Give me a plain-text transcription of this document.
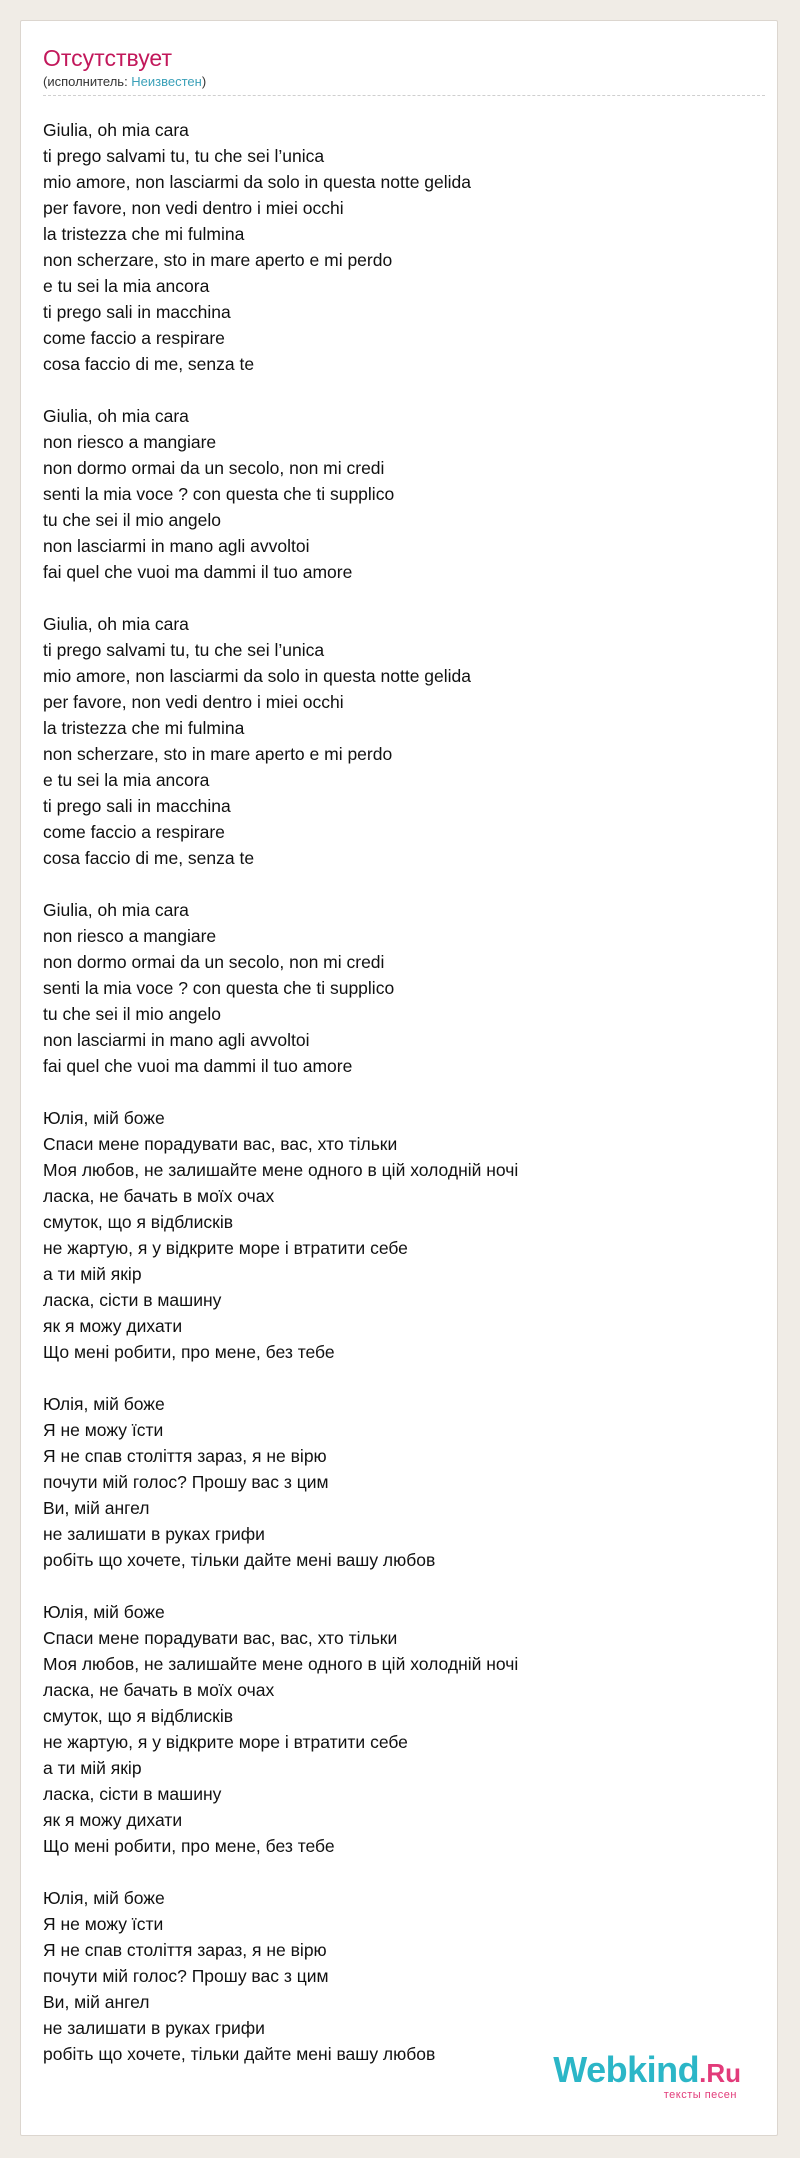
Отсутствует
(исполнитель: Неизвестен)
Giulia, oh mia cara
ti prego salvami tu, tu che sei l’unica
mio amore, non lasciarmi da solo in questa notte gelida
per favore, non vedi dentro i miei occhi
la tristezza che mi fulmina
non scherzare, sto in mare aperto e mi perdo
e tu sei la mia ancora
ti prego sali in macchina
come faccio a respirare
cosa faccio di me, senza te
Giulia, oh mia cara
non riesco a mangiare
non dormo ormai da un secolo, non mi credi
senti la mia voce ? con questa che ti supplico
tu che sei il mio angelo
non lasciarmi in mano agli avvoltoi
fai quel che vuoi ma dammi il tuo amore
Giulia, oh mia cara
ti prego salvami tu, tu che sei l’unica
mio amore, non lasciarmi da solo in questa notte gelida
per favore, non vedi dentro i miei occhi
la tristezza che mi fulmina
non scherzare, sto in mare aperto e mi perdo
e tu sei la mia ancora
ti prego sali in macchina
come faccio a respirare
cosa faccio di me, senza te
Giulia, oh mia cara
non riesco a mangiare
non dormo ormai da un secolo, non mi credi
senti la mia voce ? con questa che ti supplico
tu che sei il mio angelo
non lasciarmi in mano agli avvoltoi
fai quel che vuoi ma dammi il tuo amore
Юлія, мій боже
Спаси мене порадувати вас, вас, хто тільки
Моя любов, не залишайте мене одного в цій холодній ночі
ласка, не бачать в моїх очах
смуток, що я відблисків
не жартую, я у відкрите море і втратити себе
а ти мій якір
ласка, сісти в машину
як я можу дихати
Що мені робити, про мене, без тебе
Юлія, мій боже
Я не можу їсти
Я не спав століття зараз, я не вірю
почути мій голос? Прошу вас з цим
Ви, мій ангел
не залишати в руках грифи
робіть що хочете, тільки дайте мені вашу любов
Юлія, мій боже
Спаси мене порадувати вас, вас, хто тільки
Моя любов, не залишайте мене одного в цій холодній ночі
ласка, не бачать в моїх очах
смуток, що я відблисків
не жартую, я у відкрите море і втратити себе
а ти мій якір
ласка, сісти в машину
як я можу дихати
Що мені робити, про мене, без тебе
Юлія, мій боже
Я не можу їсти
Я не спав століття зараз, я не вірю
почути мій голос? Прошу вас з цим
Ви, мій ангел
не залишати в руках грифи
робіть що хочете, тільки дайте мені вашу любов	Webkind.Ru
тексты песен
